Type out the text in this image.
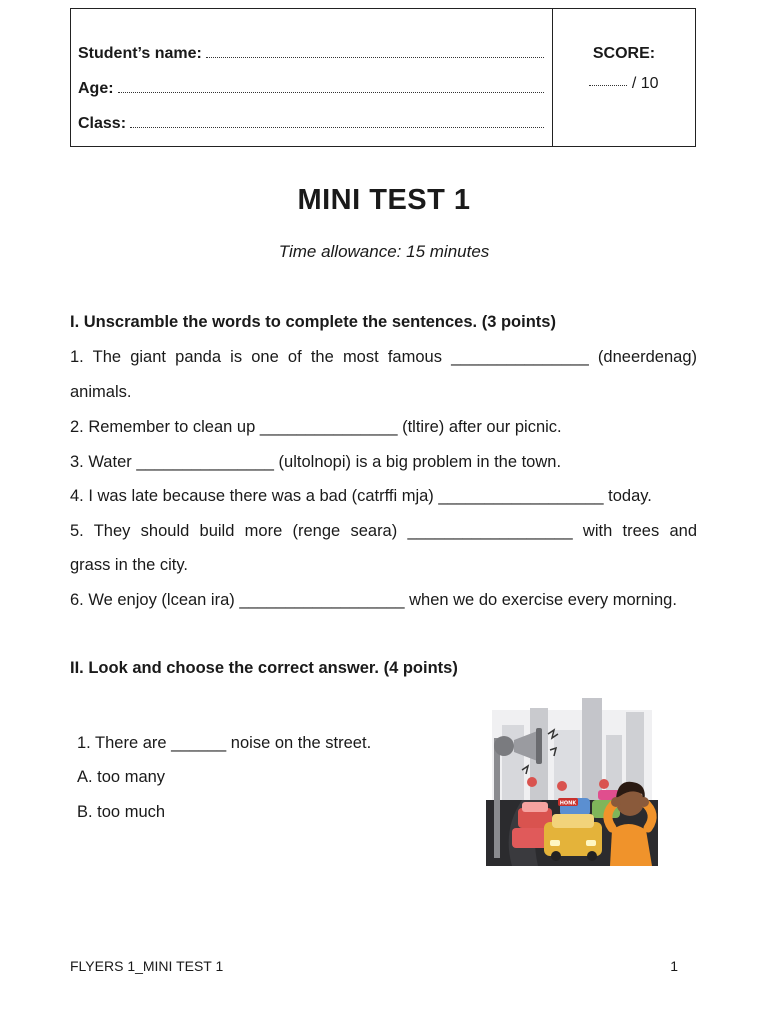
Student’s name:
Age:
Class:
SCORE:
/ 10
MINI TEST 1
Time allowance: 15 minutes
I. Unscramble the words to complete the sentences. (3 points)
1. The giant panda is one of the most famous _______________ (dneerdenag)
animals.
2. Remember to clean up _______________ (tltire) after our picnic.
3. Water _______________ (ultolnopi) is a big problem in the town.
4. I was late because there was a bad (catrffi mja) __________________ today.
5. They should build more (renge seara) __________________ with trees and
grass in the city.
6. We enjoy (lcean ira) __________________ when we do exercise every morning.
II. Look and choose the correct answer. (4 points)
1. There are ______ noise on the street.
A. too many
B. too much	HONK
FLYERS 1_MINI TEST 1	1
